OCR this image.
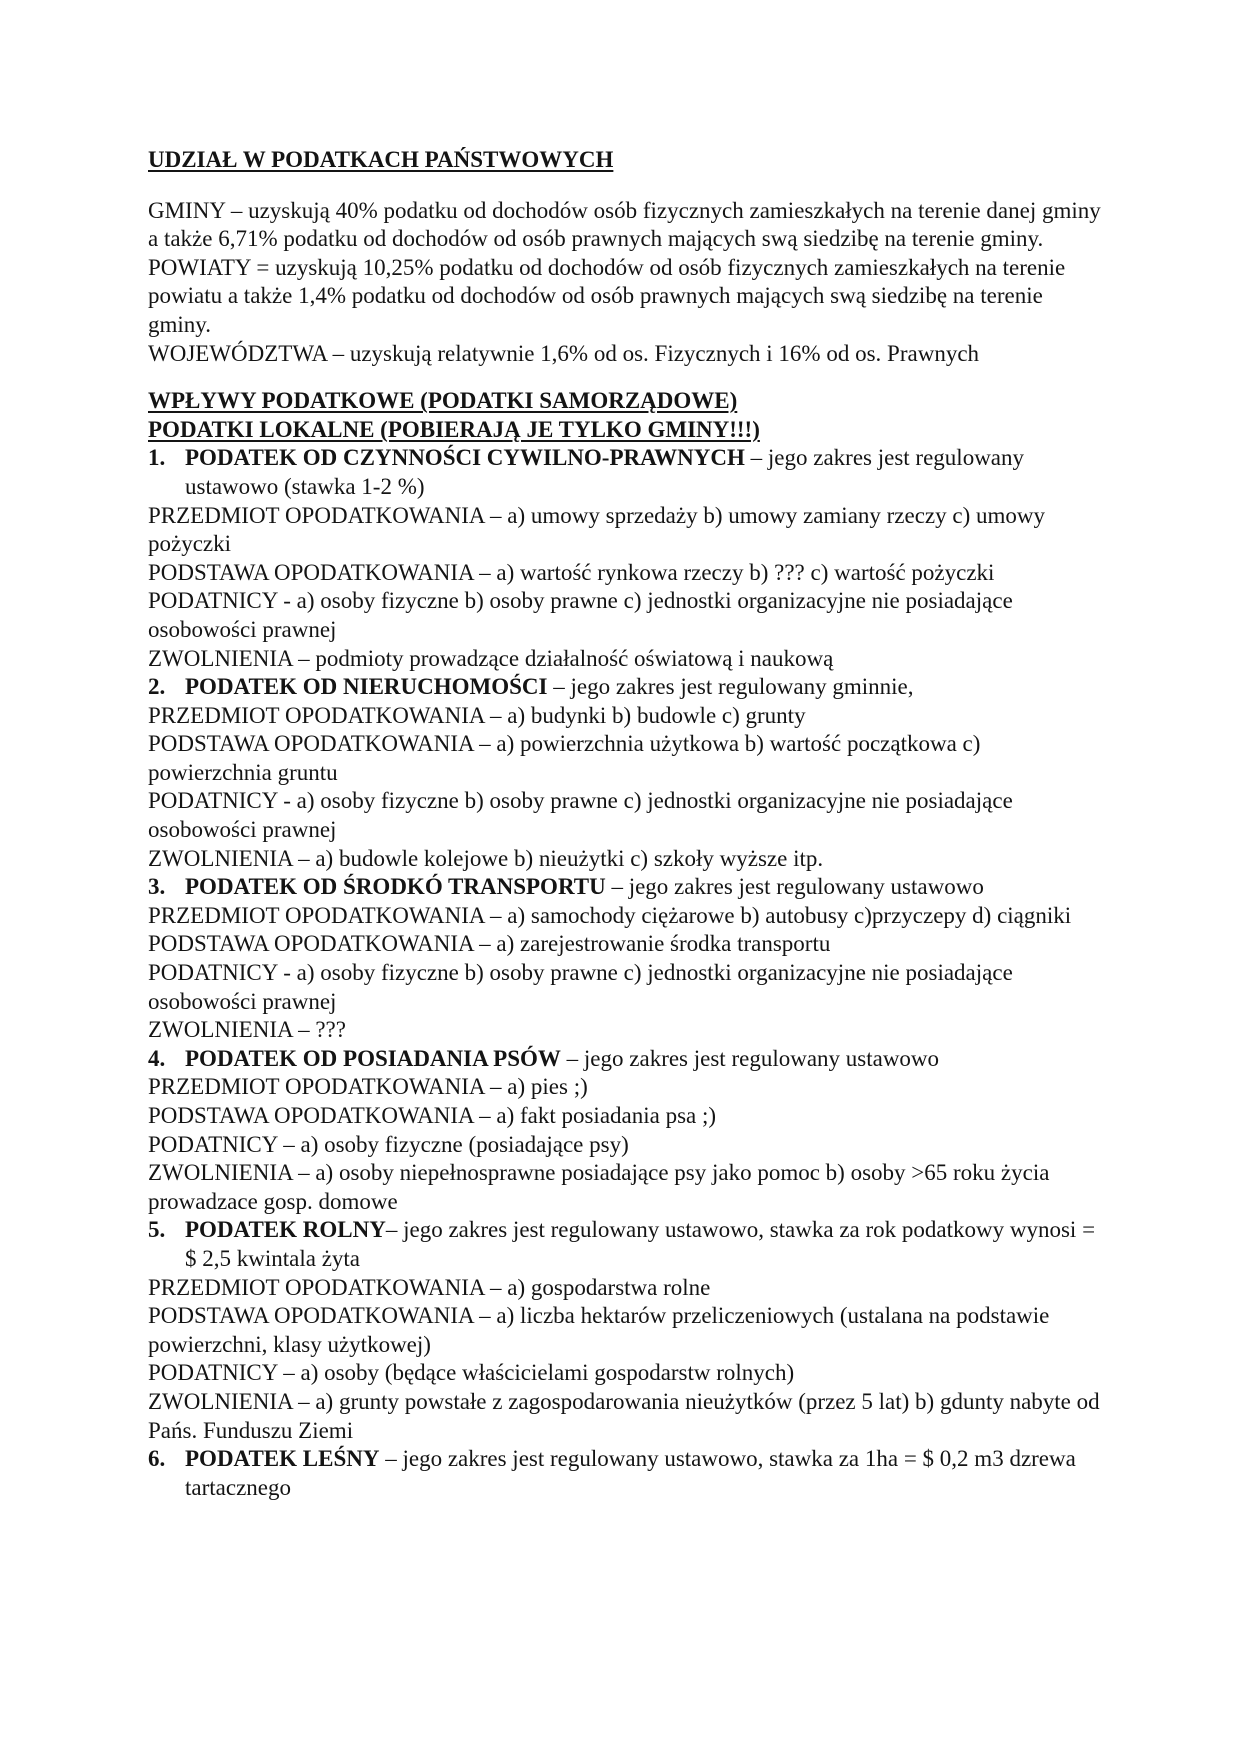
UDZIAŁ W PODATKACH PAŃSTWOWYCH

GMINY – uzyskują 40% podatku od dochodów osób fizycznych zamieszkałych na terenie danej gminy a także 6,71% podatku od dochodów od osób prawnych mających swą siedzibę na terenie gminy.

POWIATY = uzyskują 10,25% podatku od dochodów od osób fizycznych zamieszkałych na terenie powiatu a także 1,4% podatku od dochodów od osób prawnych mających swą siedzibę na terenie gminy.

WOJEWÓDZTWA – uzyskują relatywnie 1,6% od os. Fizycznych i 16% od os. Prawnych

WPŁYWY PODATKOWE (PODATKI SAMORZĄDOWE)

PODATKI LOKALNE (POBIERAJĄ JE TYLKO GMINY!!!)

1. PODATEK OD CZYNNOŚCI CYWILNO-PRAWNYCH – jego zakres jest regulowany ustawowo (stawka 1-2 %)

PRZEDMIOT OPODATKOWANIA – a) umowy sprzedaży b) umowy zamiany rzeczy c) umowy pożyczki

PODSTAWA OPODATKOWANIA – a) wartość rynkowa rzeczy b) ??? c) wartość pożyczki

PODATNICY - a) osoby fizyczne b) osoby prawne c) jednostki organizacyjne nie posiadające osobowości prawnej

ZWOLNIENIA – podmioty prowadzące działalność oświatową i naukową

2. PODATEK OD NIERUCHOMOŚCI – jego zakres jest regulowany gminnie,

PRZEDMIOT OPODATKOWANIA – a) budynki b) budowle c) grunty

PODSTAWA OPODATKOWANIA – a) powierzchnia użytkowa b) wartość początkowa c) powierzchnia gruntu

PODATNICY - a) osoby fizyczne b) osoby prawne c) jednostki organizacyjne nie posiadające osobowości prawnej

ZWOLNIENIA – a) budowle kolejowe b) nieużytki c) szkoły wyższe itp.

3. PODATEK OD ŚRODKÓ TRANSPORTU – jego zakres jest regulowany ustawowo

PRZEDMIOT OPODATKOWANIA – a) samochody ciężarowe b) autobusy c)przyczepy d) ciągniki

PODSTAWA OPODATKOWANIA – a) zarejestrowanie środka transportu

PODATNICY - a) osoby fizyczne b) osoby prawne c) jednostki organizacyjne nie posiadające osobowości prawnej

ZWOLNIENIA – ???

4. PODATEK OD POSIADANIA PSÓW – jego zakres jest regulowany ustawowo

PRZEDMIOT OPODATKOWANIA – a) pies ;)

PODSTAWA OPODATKOWANIA – a) fakt posiadania psa ;)

PODATNICY – a) osoby fizyczne (posiadające psy)

ZWOLNIENIA – a) osoby niepełnosprawne posiadające psy jako pomoc b) osoby >65 roku życia prowadzace gosp. domowe

5. PODATEK ROLNY– jego zakres jest regulowany ustawowo, stawka za rok podatkowy wynosi = $ 2,5 kwintala żyta

PRZEDMIOT OPODATKOWANIA – a) gospodarstwa rolne

PODSTAWA OPODATKOWANIA – a) liczba hektarów przeliczeniowych (ustalana na podstawie powierzchni, klasy użytkowej)

PODATNICY – a) osoby (będące właścicielami gospodarstw rolnych)

ZWOLNIENIA – a) grunty powstałe z zagospodarowania nieużytków (przez 5 lat) b) gdunty nabyte od Pańs. Funduszu Ziemi

6. PODATEK LEŚNY – jego zakres jest regulowany ustawowo, stawka za 1ha = $ 0,2 m3 dzrewa tartacznego
